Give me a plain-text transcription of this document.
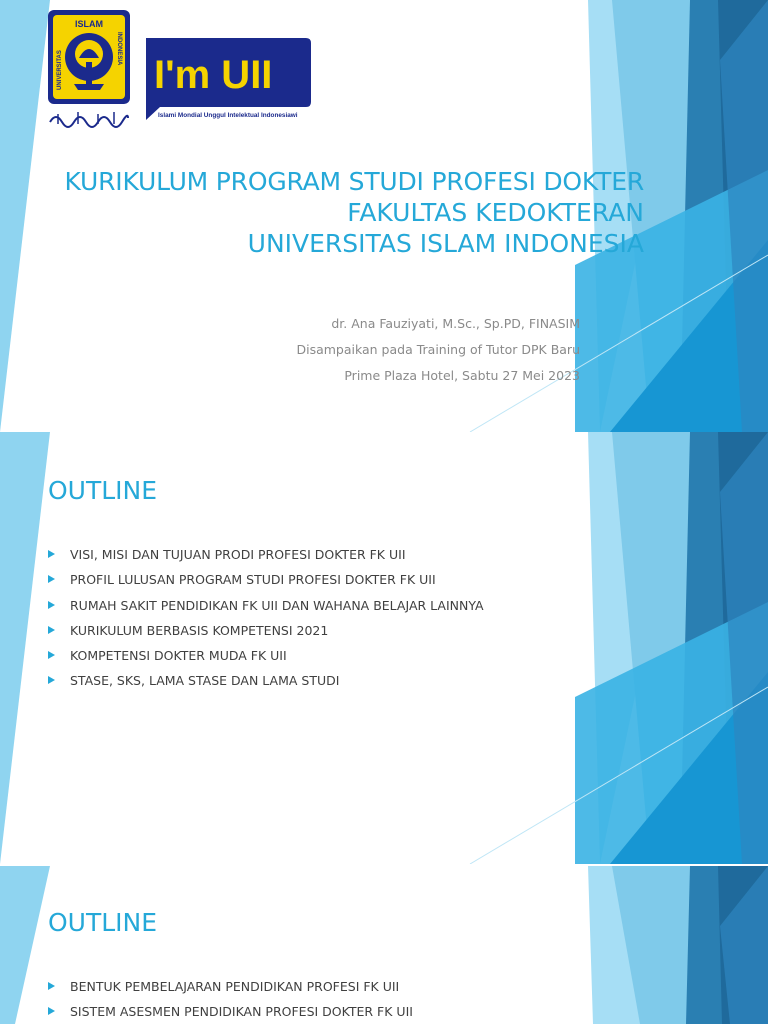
ISLAM
UNIVERSITAS
INDONESIA
I'm UII
Islami Mondial Unggul Intelektual Indonesiawi
KURIKULUM PROGRAM STUDI PROFESI DOKTER
FAKULTAS KEDOKTERAN
UNIVERSITAS ISLAM INDONESIA
dr. Ana Fauziyati, M.Sc., Sp.PD, FINASIM
Disampaikan pada Training of Tutor DPK Baru
Prime Plaza Hotel, Sabtu 27 Mei 2023
OUTLINE
VISI, MISI DAN TUJUAN PRODI PROFESI DOKTER FK UII
PROFIL LULUSAN PROGRAM STUDI PROFESI DOKTER FK UII
RUMAH SAKIT PENDIDIKAN FK UII DAN WAHANA BELAJAR LAINNYA
KURIKULUM BERBASIS KOMPETENSI 2021
KOMPETENSI DOKTER MUDA FK UII
STASE, SKS, LAMA STASE DAN LAMA STUDI
OUTLINE
BENTUK PEMBELAJARAN PENDIDIKAN PROFESI FK UII
SISTEM ASESMEN PENDIDIKAN PROFESI DOKTER FK UII
